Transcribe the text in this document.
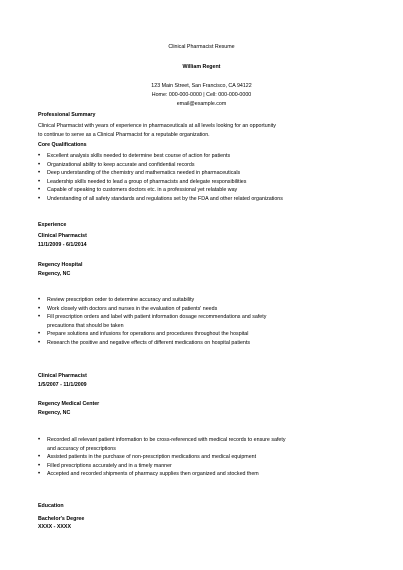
Clinical Pharmacist Resume
William Regent
123 Main Street, San Francisco, CA 94122
Home: 000-000-0000 | Cell: 000-000-0000
email@example.com
Professional Summary
Clinical Pharmacist with years of experience in pharmaceuticals at all levels looking for an opportunity
to continue to serve as a Clinical Pharmacist for a reputable organization.
Core Qualifications
• Excellent analysis skills needed to determine best course of action for patients
• Organizational ability to keep accurate and confidential records
• Deep understanding of the chemistry and mathematics needed in pharmaceuticals
• Leadership skills needed to lead a group of pharmacists and delegate responsibilities
• Capable of speaking to customers doctors etc. in a professional yet relatable way
• Understanding of all safety standards and regulations set by the FDA and other related organizations
Experience
Clinical Pharmacist
11/1/2009 - 6/1/2014
Regency Hospital
Regency, NC
• Review prescription order to determine accuracy and suitability
• Work closely with doctors and nurses in the evaluation of patients' needs
• Fill prescription orders and label with patient information dosage recommendations and safety precautions that should be taken
• Prepare solutions and infusions for operations and procedures throughout the hospital
• Research the positive and negative effects of different medications on hospital patients
Clinical Pharmacist
1/5/2007 - 11/1/2009
Regency Medical Center
Regency, NC
• Recorded all relevant patient information to be cross-referenced with medical records to ensure safety and accuracy of prescriptions
• Assisted patients in the purchase of non-prescription medications and medical equipment
• Filled prescriptions accurately and in a timely manner
• Accepted and recorded shipments of pharmacy supplies then organized and stocked them
Education
Bachelor's Degree
XXXX - XXXX
